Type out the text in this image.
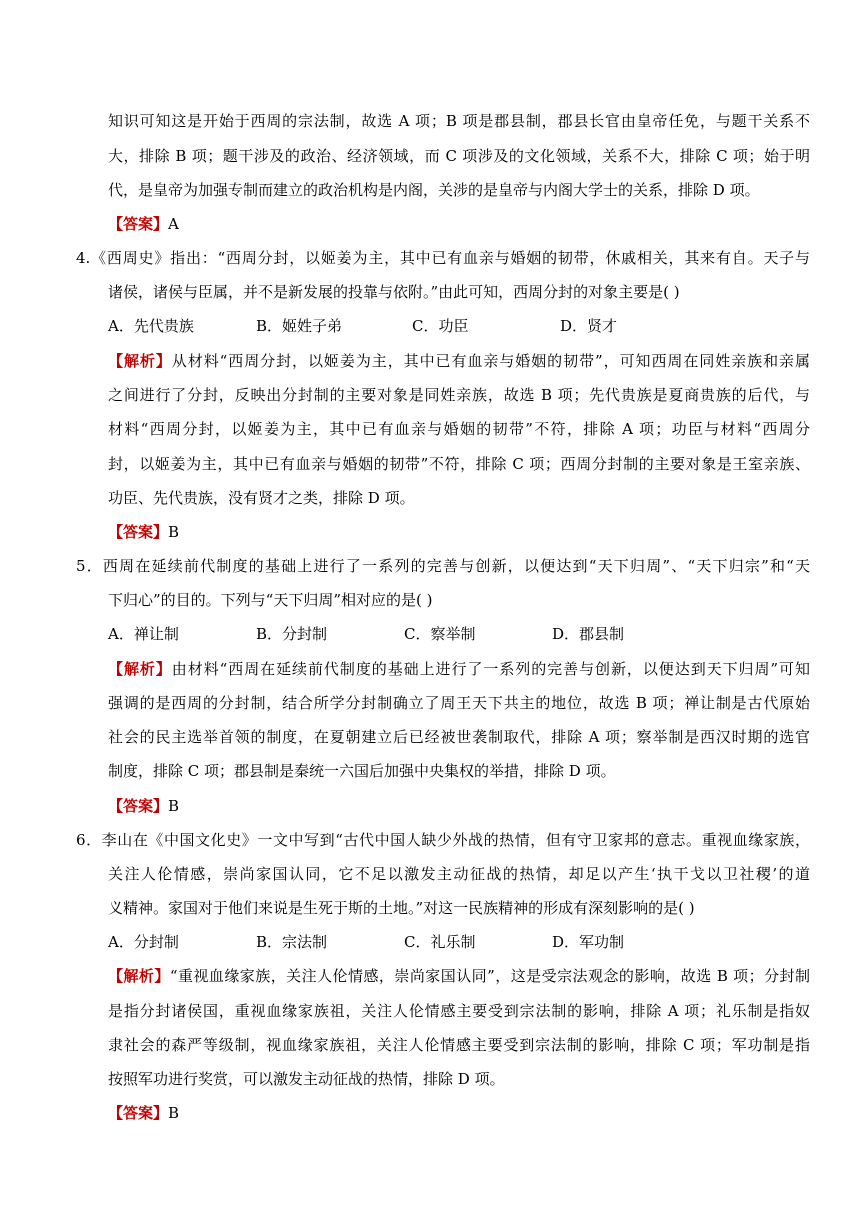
知识可知这是开始于西周的宗法制，故选 A 项；B 项是郡县制，郡县长官由皇帝任免，与题干关系不
大，排除 B 项；题干涉及的政治、经济领域，而 C 项涉及的文化领域，关系不大，排除 C 项；始于明
代，是皇帝为加强专制而建立的政治机构是内阁，关涉的是皇帝与内阁大学士的关系，排除 D 项。
【答案】A
4.《西周史》指出：“西周分封，以姬姜为主，其中已有血亲与婚姻的韧带，休戚相关，其来有自。天子与
诸侯，诸侯与臣属，并不是新发展的投靠与依附。”由此可知，西周分封的对象主要是( )
A．先代贵族	B．姬姓子弟	C．功臣	D．贤才
【解析】从材料“西周分封，以姬姜为主，其中已有血亲与婚姻的韧带”，可知西周在同姓亲族和亲属
之间进行了分封，反映出分封制的主要对象是同姓亲族，故选 B 项；先代贵族是夏商贵族的后代，与
材料“西周分封，以姬姜为主，其中已有血亲与婚姻的韧带”不符，排除 A 项；功臣与材料“西周分
封，以姬姜为主，其中已有血亲与婚姻的韧带”不符，排除 C 项；西周分封制的主要对象是王室亲族、
功臣、先代贵族，没有贤才之类，排除 D 项。
【答案】B
5．西周在延续前代制度的基础上进行了一系列的完善与创新，以便达到“天下归周”、“天下归宗”和“天
下归心”的目的。下列与“天下归周”相对应的是( )
A．禅让制	B．分封制	C．察举制	D．郡县制
【解析】由材料“西周在延续前代制度的基础上进行了一系列的完善与创新，以便达到天下归周”可知
强调的是西周的分封制，结合所学分封制确立了周王天下共主的地位，故选 B 项；禅让制是古代原始
社会的民主选举首领的制度，在夏朝建立后已经被世袭制取代，排除 A 项；察举制是西汉时期的选官
制度，排除 C 项；郡县制是秦统一六国后加强中央集权的举措，排除 D 项。
【答案】B
6．李山在《中国文化史》一文中写到“古代中国人缺少外战的热情，但有守卫家邦的意志。重视血缘家族，
关注人伦情感，崇尚家国认同，它不足以激发主动征战的热情，却足以产生‘执干戈以卫社稷’的道
义精神。家国对于他们来说是生死于斯的土地。”对这一民族精神的形成有深刻影响的是( )
A．分封制	B．宗法制	C．礼乐制	D．军功制
【解析】“重视血缘家族，关注人伦情感，崇尚家国认同”，这是受宗法观念的影响，故选 B 项；分封制
是指分封诸侯国，重视血缘家族祖，关注人伦情感主要受到宗法制的影响，排除 A 项；礼乐制是指奴
隶社会的森严等级制，视血缘家族祖，关注人伦情感主要受到宗法制的影响，排除 C 项；军功制是指
按照军功进行奖赏，可以激发主动征战的热情，排除 D 项。
【答案】B
